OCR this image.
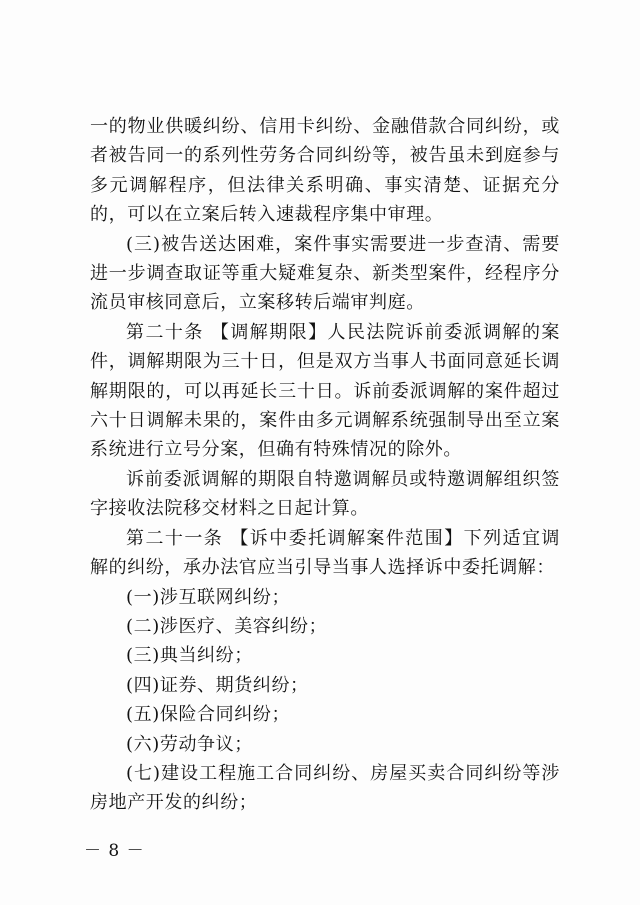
一的物业供暖纠纷、信用卡纠纷、金融借款合同纠纷，或者被告同一的系列性劳务合同纠纷等，被告虽未到庭参与多元调解程序，但法律关系明确、事实清楚、证据充分的，可以在立案后转入速裁程序集中审理。

(三)被告送达困难，案件事实需要进一步查清、需要进一步调查取证等重大疑难复杂、新类型案件，经程序分流员审核同意后，立案移转后端审判庭。

第二十条 【调解期限】人民法院诉前委派调解的案件，调解期限为三十日，但是双方当事人书面同意延长调解期限的，可以再延长三十日。诉前委派调解的案件超过六十日调解未果的，案件由多元调解系统强制导出至立案系统进行立号分案，但确有特殊情况的除外。

诉前委派调解的期限自特邀调解员或特邀调解组织签字接收法院移交材料之日起计算。

第二十一条 【诉中委托调解案件范围】下列适宜调解的纠纷，承办法官应当引导当事人选择诉中委托调解：

(一)涉互联网纠纷；

(二)涉医疗、美容纠纷；

(三)典当纠纷；

(四)证券、期货纠纷；

(五)保险合同纠纷；

(六)劳动争议；

(七)建设工程施工合同纠纷、房屋买卖合同纠纷等涉房地产开发的纠纷；

－ 8 －
